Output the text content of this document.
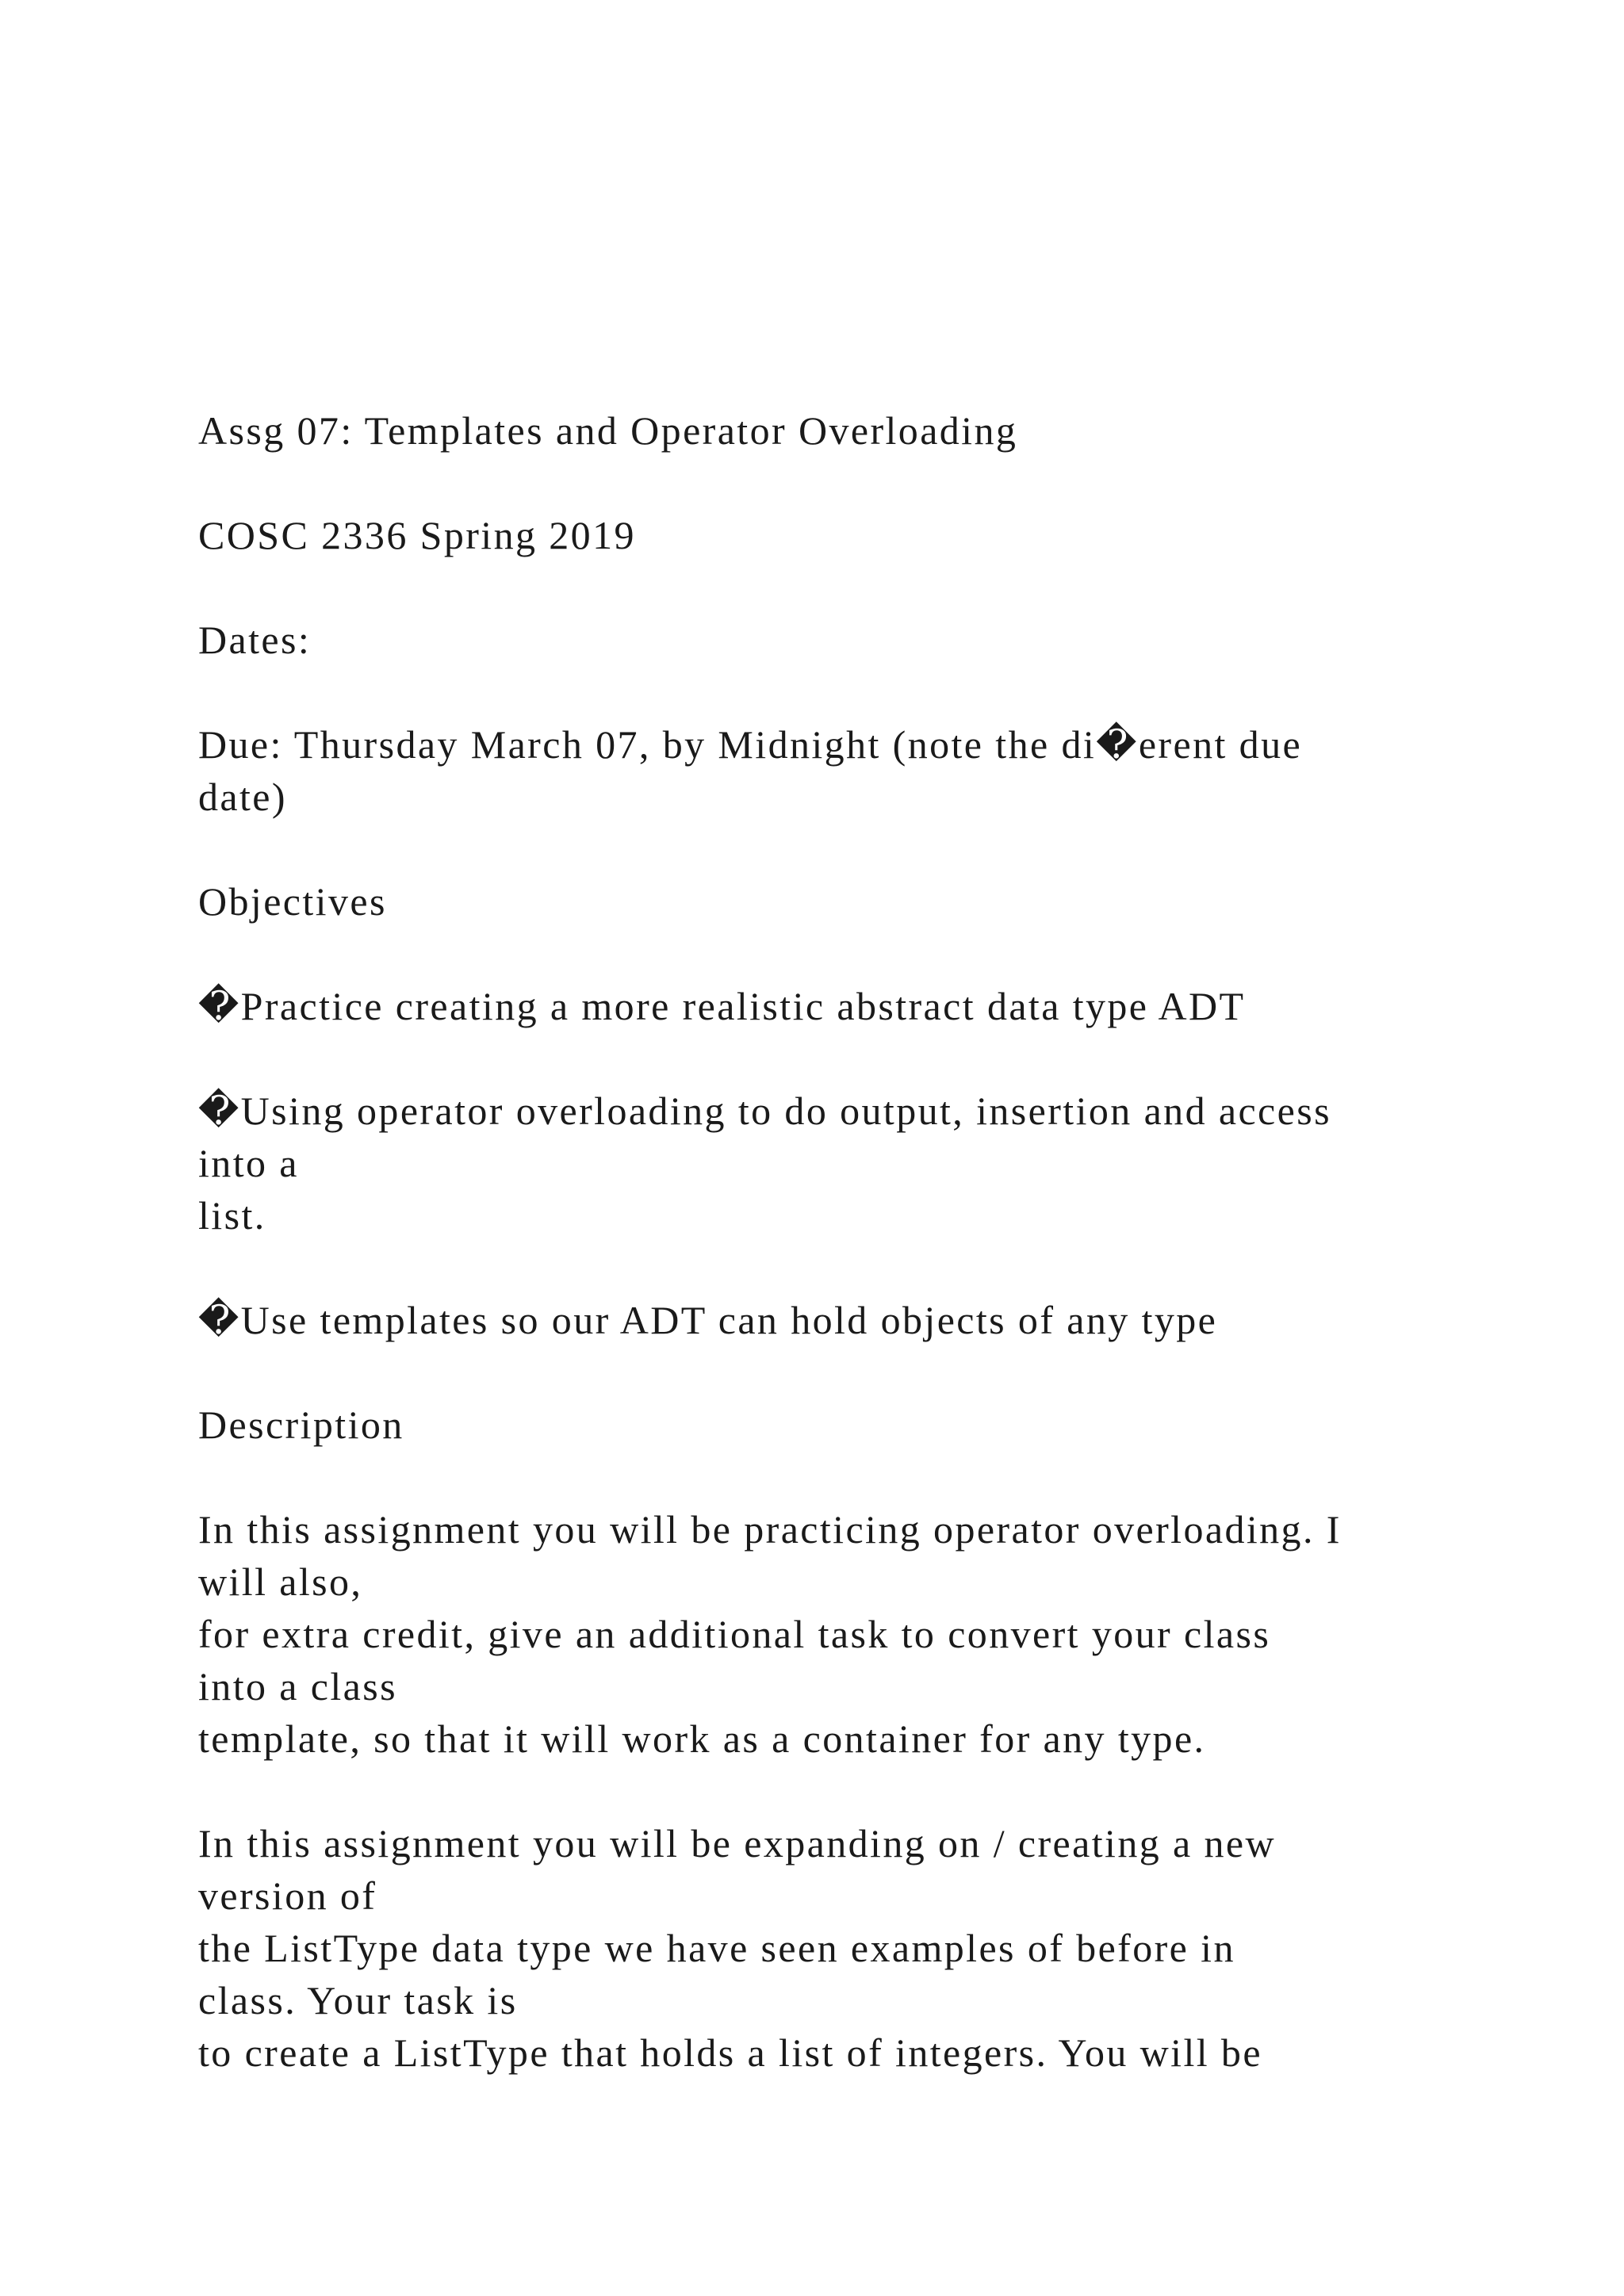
Assg 07: Templates and Operator Overloading

COSC 2336 Spring 2019

Dates:

Due: Thursday March 07, by Midnight (note the di�erent due
date)

Objectives

�Practice creating a more realistic abstract data type ADT

�Using operator overloading to do output, insertion and access
into a
list.

�Use templates so our ADT can hold objects of any type

Description

In this assignment you will be practicing operator overloading. I
will also,
for extra credit, give an additional task to convert your class
into a class
template, so that it will work as a container for any type.

In this assignment you will be expanding on / creating a new
version of
the ListType data type we have seen examples of before in
class. Your task is
to create a ListType that holds a list of integers. You will be
